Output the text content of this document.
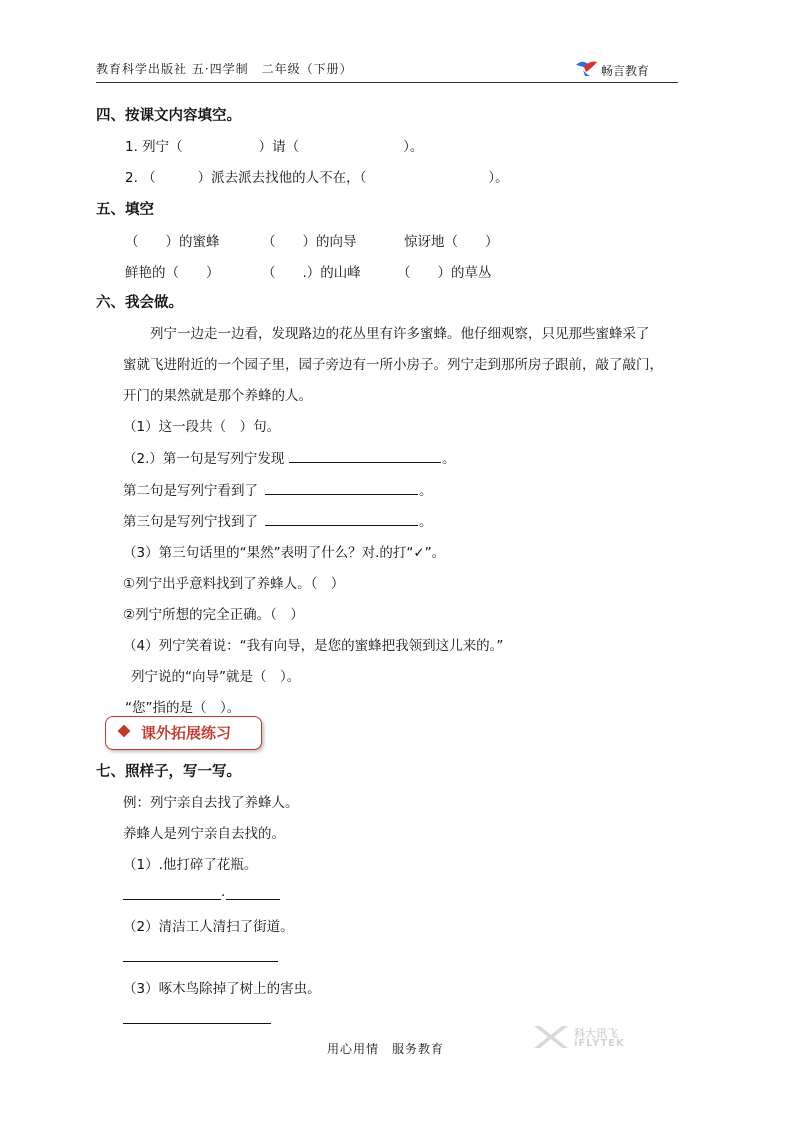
教育科学出版社 五·四学制　二年级（下册）	畅言教育
四、按课文内容填空。
1. 列宁（	）请（	）。
2. （	）派去派去找他的人不在，（	）。
五、填空
（　　）的蜜蜂	（　　）的向导	惊讶地（　　）
鲜艳的（　　）	（　　.）的山峰	（　　）的草丛
六、我会做。
列宁一边走一边看，发现路边的花丛里有许多蜜蜂。他仔细观察，只见那些蜜蜂采了
蜜就飞进附近的一个园子里，园子旁边有一所小房子。列宁走到那所房子跟前，敲了敲门，
开门的果然就是那个养蜂的人。
（1）这一段共（　）句。
（2.）第一句是写列宁发现	。
第二句是写列宁看到了	。
第三句是写列宁找到了	。
（3）第三句话里的“果然”表明了什么？对.的打“✓”。
①列宁出乎意料找到了养蜂人。（　）
②列宁所想的完全正确。（　）
（4）列宁笑着说：“我有向导，是您的蜜蜂把我领到这儿来的。”
列宁说的“向导”就是（　）。
“您”指的是（　）。
课外拓展练习
七、照样子，写一写。
例：列宁亲自去找了养蜂人。
养蜂人是列宁亲自去找的。
（1）.他打碎了花瓶。
.
（2）清洁工人清扫了街道。
（3）啄木鸟除掉了树上的害虫。
用心用情　服务教育
科大讯飞
iFLYTEK
